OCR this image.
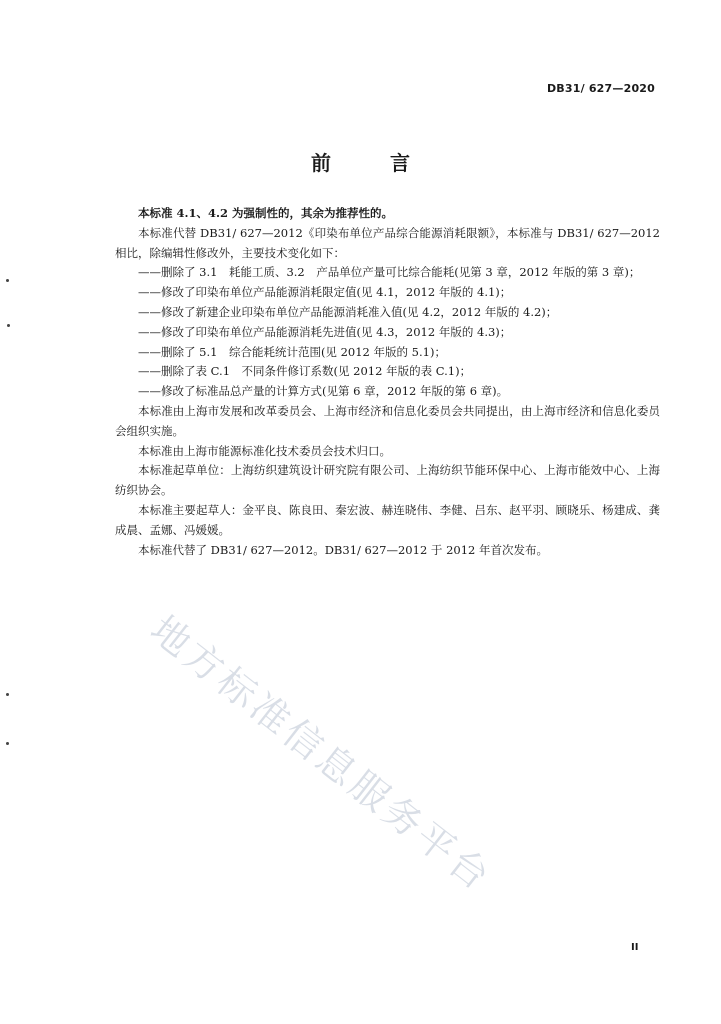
DB31/ 627—2020
前 言

本标准 4.1、4.2 为强制性的，其余为推荐性的。

本标准代替 DB31/ 627—2012《印染布单位产品综合能源消耗限额》，本标准与 DB31/ 627—2012 相比，除编辑性修改外，主要技术变化如下：

——删除了 3.1　耗能工质、3.2　产品单位产量可比综合能耗(见第 3 章，2012 年版的第 3 章)；

——修改了印染布单位产品能源消耗限定值(见 4.1，2012 年版的 4.1)；

——修改了新建企业印染布单位产品能源消耗准入值(见 4.2，2012 年版的 4.2)；

——修改了印染布单位产品能源消耗先进值(见 4.3，2012 年版的 4.3)；

——删除了 5.1　综合能耗统计范围(见 2012 年版的 5.1)；

——删除了表 C.1　不同条件修订系数(见 2012 年版的表 C.1)；

——修改了标准品总产量的计算方式(见第 6 章，2012 年版的第 6 章)。

本标准由上海市发展和改革委员会、上海市经济和信息化委员会共同提出，由上海市经济和信息化委员会组织实施。

本标准由上海市能源标准化技术委员会技术归口。

本标准起草单位：上海纺织建筑设计研究院有限公司、上海纺织节能环保中心、上海市能效中心、上海纺织协会。

本标准主要起草人：金平良、陈良田、秦宏波、赫连晓伟、李健、吕东、赵平羽、顾晓乐、杨建成、龚成晨、孟娜、冯媛媛。

本标准代替了 DB31/ 627—2012。DB31/ 627—2012 于 2012 年首次发布。

地方标准信息服务平台
II
